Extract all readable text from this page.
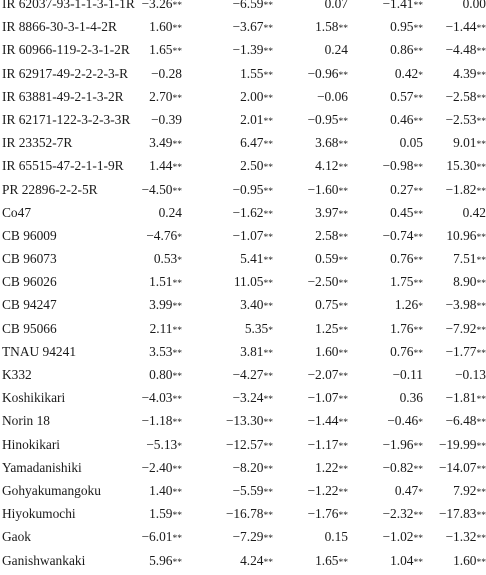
IR 62037-93-1-1-3-1-1R −3.26**	−6.59**	0.07	−1.41**	0.00
IR 8866-30-3-1-4-2R 1.60**	−3.67**	1.58**	0.95** −1.44**
IR 60966-119-2-3-1-2R 1.65**	−1.39**	0.24	0.86** −4.48**
IR 62917-49-2-2-2-3-R −0.28	1.55**	−0.96**	0.42* 4.39**
IR 63881-49-2-1-3-2R 2.70**	2.00**	−0.06	0.57** −2.58**
IR 62171-122-3-2-3-3R −0.39	2.01**	−0.95**	0.46** −2.53**
IR 23352-7R	3.49**	6.47**	3.68**	0.05 9.01**
IR 65515-47-2-1-1-9R 1.44**	2.50**	4.12**	−0.98** 15.30**
PR 22896-2-2-5R	−4.50**	−0.95**	−1.60**	0.27** −1.82**
Co47	0.24	−1.62**	3.97**	0.45**	0.42
CB 96009	−4.76*	−1.07**	2.58**	−0.74** 10.96**
CB 96073	0.53*	5.41**	0.59**	0.76** 7.51**
CB 96026	1.51**	11.05**	−2.50**	1.75** 8.90**
CB 94247	3.99**	3.40**	0.75**	1.26* −3.98**
CB 95066	2.11**	5.35*	1.25**	1.76** −7.92**
TNAU 94241	3.53**	3.81**	1.60**	0.76** −1.77**
K332	0.80**	−4.27**	−2.07**	−0.11 −0.13
Koshikikari	−4.03**	−3.24**	−1.07**	0.36 −1.81**
Norin 18	−1.18**	−13.30**	−1.44**	−0.46* −6.48**
Hinokikari	−5.13*	−12.57**	−1.17**	−1.96** −19.99**
Yamadanishiki	−2.40**	−8.20**	1.22**	−0.82** −14.07**
Gohyakumangoku	1.40**	−5.59**	−1.22**	0.47* 7.92**
Hiyokumochi	1.59**	−16.78**	−1.76**	−2.32** −17.83**
Gaok	−6.01**	−7.29**	0.15	−1.02** −1.32**
Ganishwankaki	5.96**	4.24**	1.65**	1.04** 1.60**
